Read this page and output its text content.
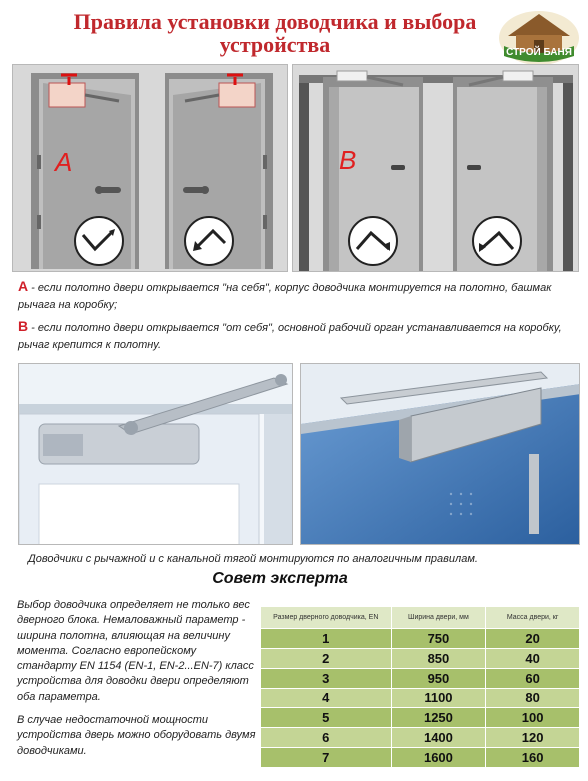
Правила установки доводчика и выбора устройства	СТРОЙ БАНЯ
A	B
A - если полотно двери открывается "на себя", корпус доводчика монтируется на полотно, башмак рычага на коробку;
B - если полотно двери открывается "от себя", основной рабочий орган устанавливается на коробку, рычаг крепится к полотну.
Доводчики с рычажной и с канальной тягой монтируются по аналогичным правилам.
Совет эксперта

Выбор доводчика определяет не только вес дверного блока. Немаловажный параметр - ширина полотна, влияющая на величину момента. Согласно европейскому стандарту EN 1154 (EN-1, EN-2...EN-7) класс устройства для доводки двери определяют оба параметра.

В случае недостаточной мощности устройства дверь можно оборудовать двумя доводчиками.

Размер дверного доводчика, EN	Ширина двери, мм	Масса двери, кг
1	750	20
2	850	40
3	950	60
4	1100	80
5	1250	100
6	1400	120
7	1600	160
